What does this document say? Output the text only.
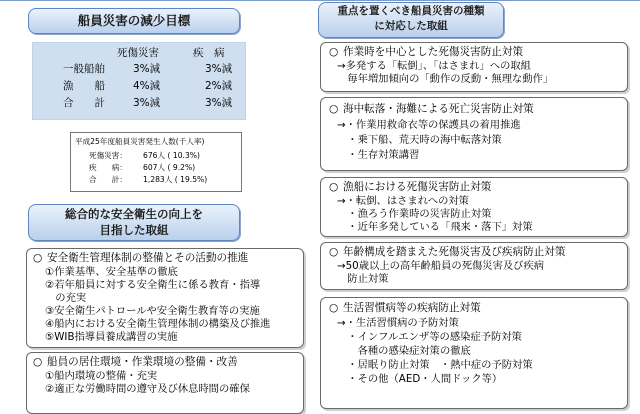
船員災害の減少目標
死傷災害	疾　病
一般船舶	3%減	3%減
漁　　船	4%減	2%減
合　　計	3%減	3%減
平成25年度船員災害発生人数(千人率)
死傷災害： 676人 ( 10.3%)
疾　　病： 607人 ( 9.2%)
合　　計： 1,283人 ( 19.5%)
総合的な安全衛生の向上を
目指した取組
○ 安全衛生管理体制の整備とその活動の推進
①作業基準、安全基準の徹底
②若年船員に対する安全衛生に係る教育・指導
　の充実
③安全衛生パトロールや安全衛生教育等の実施
④船内における安全衛生管理体制の構築及び推進
⑤WIB指導員養成講習の実施
○ 船員の居住環境・作業環境の整備・改善
①船内環境の整備・充実
②適正な労働時間の遵守及び休息時間の確保
重点を置くべき船員災害の種類
に対応した取組
○ 作業時を中心とした死傷災害防止対策
→多発する「転倒」、「はさまれ」への取組
　毎年増加傾向の「動作の反動・無理な動作」
○ 海中転落・海難による死亡災害防止対策
→・作業用救命衣等の保護具の着用推進
　・乗下船、荒天時の海中転落対策
　・生存対策講習
○ 漁船における死傷災害防止対策
→・転倒、はさまれへの対策
　・漁ろう作業時の災害防止対策
　・近年多発している「飛来・落下」対策
○ 年齢構成を踏まえた死傷災害及び疾病防止対策
→50歳以上の高年齢船員の死傷災害及び疾病
　防止対策
○ 生活習慣病等の疾病防止対策
→・生活習慣病の予防対策
　・インフルエンザ等の感染症予防対策
　　各種の感染症対策の徹底
　・居眠り防止対策　・熱中症の予防対策
　・その他（AED・人間ドック等）
